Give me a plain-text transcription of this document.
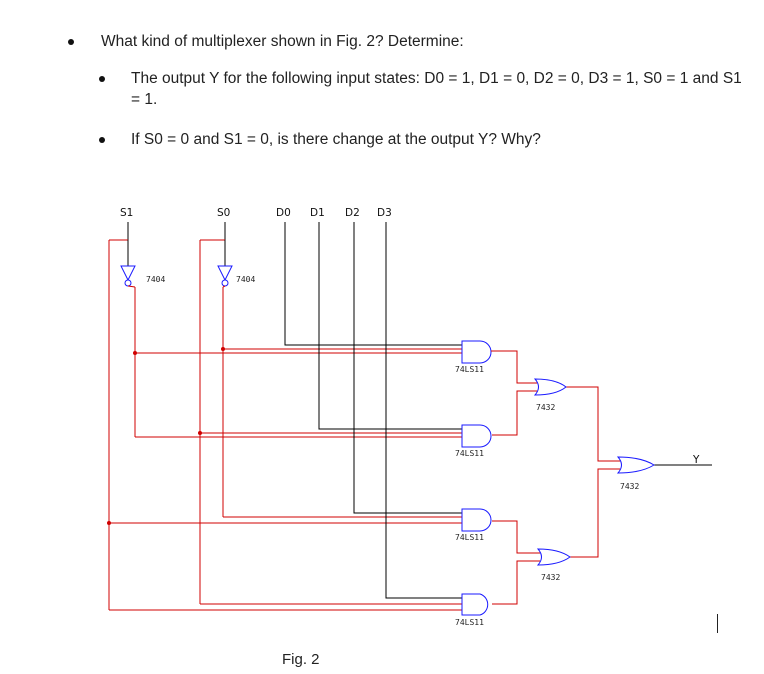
What kind of multiplexer shown in Fig. 2? Determine:
The output Y for the following input states: D0 = 1, D1 = 0, D2 = 0, D3 = 1, S0 = 1 and S1
= 1.
If S0 = 0 and S1 = 0, is there change at the output Y? Why?
S1	S0	D0 D1 D2 D3
Y
7404	7404
74LS11
74LS11
74LS11
74LS11
7432
7432
7432
Fig. 2
